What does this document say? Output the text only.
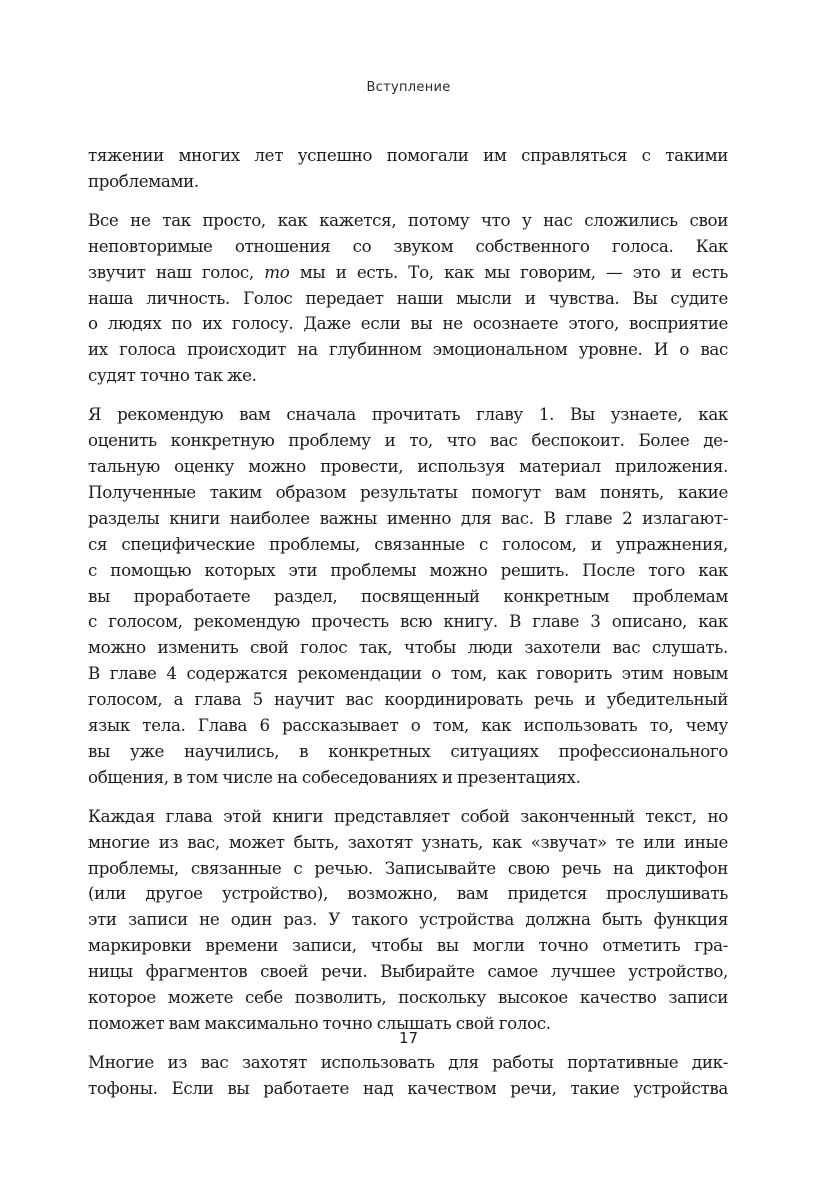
Вступление
тяжении многих лет успешно помогали им справляться с такими
проблемами.
Все не так просто, как кажется, потому что у нас сложились свои
неповторимые отношения со звуком собственного голоса. Как
звучит наш голос, то мы и есть. То, как мы говорим, — это и есть
наша личность. Голос передает наши мысли и чувства. Вы судите
о людях по их голосу. Даже если вы не осознаете этого, восприятие
их голоса происходит на глубинном эмоциональном уровне. И о вас
судят точно так же.
Я рекомендую вам сначала прочитать главу 1. Вы узнаете, как
оценить конкретную проблему и то, что вас беспокоит. Более де-
тальную оценку можно провести, используя материал приложения.
Полученные таким образом результаты помогут вам понять, какие
разделы книги наиболее важны именно для вас. В главе 2 излагают-
ся специфические проблемы, связанные с голосом, и упражнения,
с помощью которых эти проблемы можно решить. После того как
вы проработаете раздел, посвященный конкретным проблемам
с голосом, рекомендую прочесть всю книгу. В главе 3 описано, как
можно изменить свой голос так, чтобы люди захотели вас слушать.
В главе 4 содержатся рекомендации о том, как говорить этим новым
голосом, а глава 5 научит вас координировать речь и убедительный
язык тела. Глава 6 рассказывает о том, как использовать то, чему
вы уже научились, в конкретных ситуациях профессионального
общения, в том числе на собеседованиях и презентациях.
Каждая глава этой книги представляет собой законченный текст, но
многие из вас, может быть, захотят узнать, как «звучат» те или иные
проблемы, связанные с речью. Записывайте свою речь на диктофон
(или другое устройство), возможно, вам придется прослушивать
эти записи не один раз. У такого устройства должна быть функция
маркировки времени записи, чтобы вы могли точно отметить гра-
ницы фрагментов своей речи. Выбирайте самое лучшее устройство,
которое можете себе позволить, поскольку высокое качество записи
поможет вам максимально точно слышать свой голос.
Многие из вас захотят использовать для работы портативные дик-
тофоны. Если вы работаете над качеством речи, такие устройства
17
